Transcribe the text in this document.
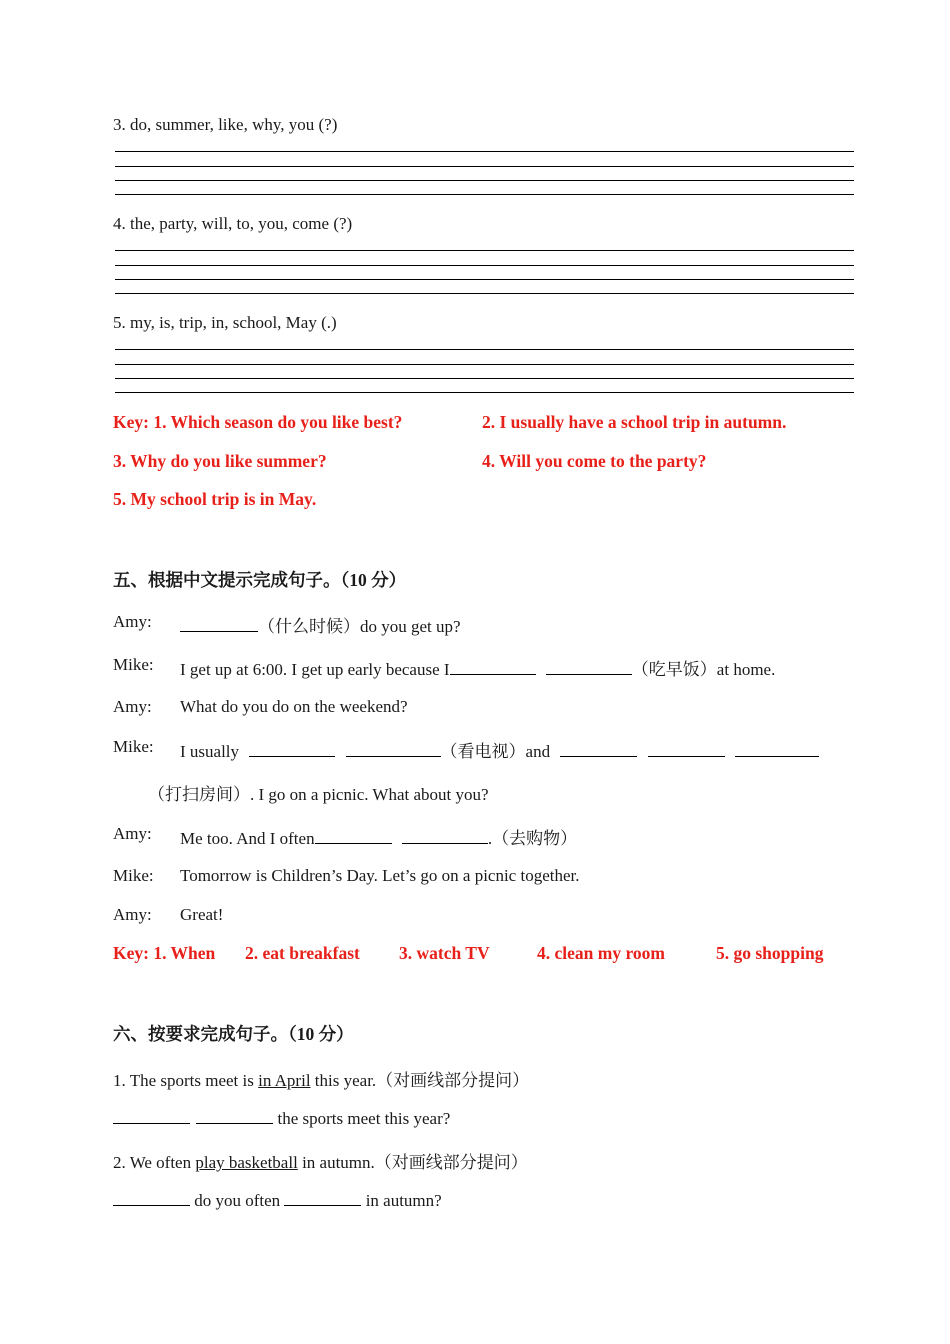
3. do, summer, like, why, you (?)
4. the, party, will, to, you, come (?)
5. my, is, trip, in, school, May (.)
Key: 1. Which season do you like best?	2. I usually have a school trip in autumn.
3. Why do you like summer?	4. Will you come to the party?
5. My school trip is in May.
五、根据中文提示完成句子。（10 分）
Amy:	（什么时候）do you get up?
Mike: I get up at 6:00. I get up early because I	（吃早饭）at home.
Amy: What do you do on the weekend?
Mike: I usually	（看电视）and
（打扫房间）. I go on a picnic. What about you?
Amy: Me too. And I often	.（去购物）
Mike: Tomorrow is Children’s Day. Let’s go on a picnic together.
Amy: Great!
Key: 1. When 2. eat breakfast 3. watch TV	4. clean my room	5. go shopping
六、按要求完成句子。（10 分）
1. The sports meet is in April this year.（对画线部分提问）
the sports meet this year?
2. We often play basketball in autumn.（对画线部分提问）
do you often	in autumn?
